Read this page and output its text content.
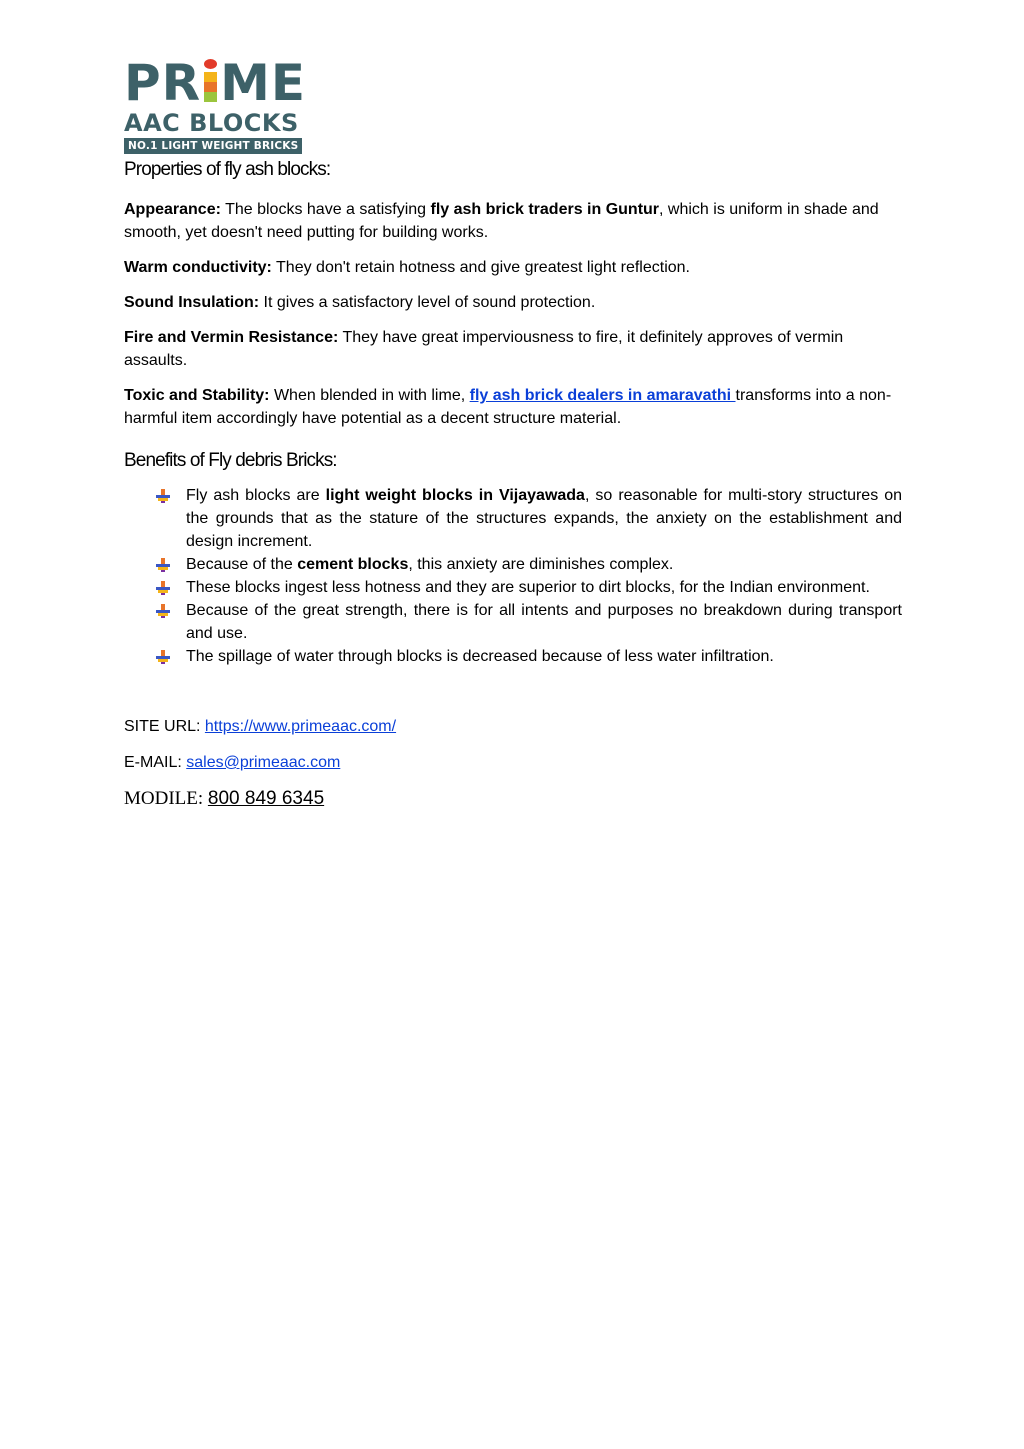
PR ME
AAC BLOCKS
NO.1 LIGHT WEIGHT BRICKS
Properties of fly ash blocks:

Appearance: The blocks have a satisfying fly ash brick traders in Guntur, which is uniform in shade and smooth, yet doesn't need putting for building works.

Warm conductivity: They don't retain hotness and give greatest light reflection.

Sound Insulation: It gives a satisfactory level of sound protection.

Fire and Vermin Resistance: They have great imperviousness to fire, it definitely approves of vermin assaults.

Toxic and Stability: When blended in with lime, fly ash brick dealers in amaravathi transforms into a non-harmful item accordingly have potential as a decent structure material.

Benefits of Fly debris Bricks:
Fly ash blocks are light weight blocks in Vijayawada, so reasonable for multi-story structures on the grounds that as the stature of the structures expands, the anxiety on the establishment and design increment.
Because of the cement blocks, this anxiety are diminishes complex.
These blocks ingest less hotness and they are superior to dirt blocks, for the Indian environment.
Because of the great strength, there is for all intents and purposes no breakdown during transport and use.
The spillage of water through blocks is decreased because of less water infiltration.

SITE URL: https://www.primeaac.com/

E-MAIL: sales@primeaac.com

MODILE: 800 849 6345
